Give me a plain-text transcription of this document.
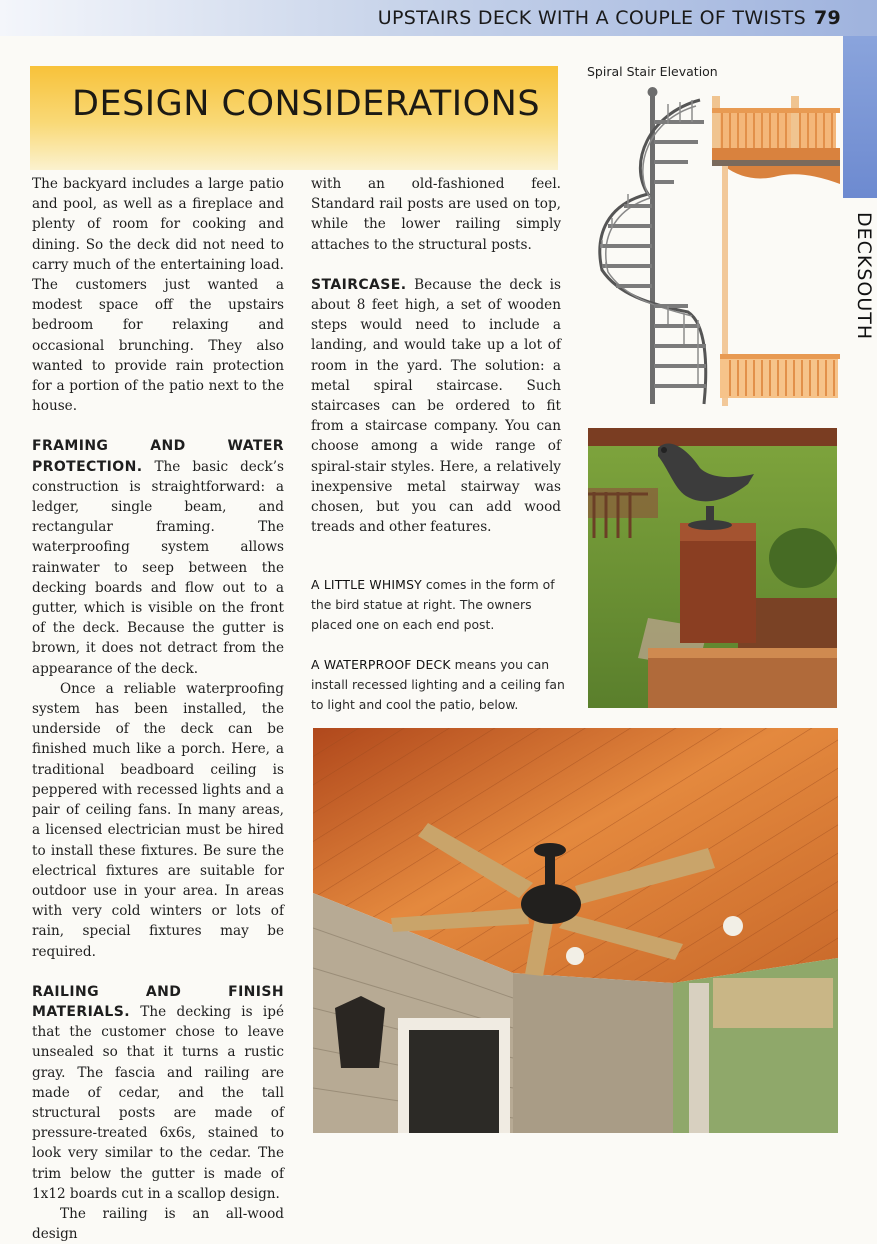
UPSTAIRS DECK WITH A COUPLE OF TWISTS 79
DECKSOUTH
DESIGN CONSIDERATIONS

The backyard includes a large patio and pool, as well as a fireplace and plenty of room for cooking and dining. So the deck did not need to carry much of the entertaining load. The customers just wanted a modest space off the upstairs bedroom for relaxing and occasional brunching. They also wanted to provide rain protection for a portion of the patio next to the house.

FRAMING AND WATER PROTECTION. The basic deck’s construction is straightforward: a ledger, single beam, and rectangular framing. The waterproofing system allows rainwater to seep between the decking boards and flow out to a gutter, which is visible on the front of the deck. Because the gutter is brown, it does not detract from the appearance of the deck.

Once a reliable waterproofing system has been installed, the underside of the deck can be finished much like a porch. Here, a traditional beadboard ceiling is peppered with recessed lights and a pair of ceiling fans. In many areas, a licensed electrician must be hired to install these fixtures. Be sure the electrical fixtures are suitable for outdoor use in your area. In areas with very cold winters or lots of rain, special fixtures may be required.

RAILING AND FINISH MATERIALS. The decking is ipé that the customer chose to leave unsealed so that it turns a rustic gray. The fascia and railing are made of cedar, and the tall structural posts are made of pressure-treated 6x6s, stained to look very similar to the cedar. The trim below the gutter is made of 1x12 boards cut in a scallop design.

The railing is an all-wood design

with an old-fashioned feel. Standard rail posts are used on top, while the lower railing simply attaches to the structural posts.

STAIRCASE. Because the deck is about 8 feet high, a set of wooden steps would need to include a landing, and would take up a lot of room in the yard. The solution: a metal spiral staircase. Such staircases can be ordered to fit from a staircase company. You can choose among a wide range of spiral-stair styles. Here, a relatively inexpensive metal stairway was chosen, but you can add wood treads and other features.

A LITTLE WHIMSY comes in the form of the bird statue at right. The owners placed one on each end post.

A WATERPROOF DECK means you can install recessed lighting and a ceiling fan to light and cool the patio, below.

Spiral Stair Elevation
